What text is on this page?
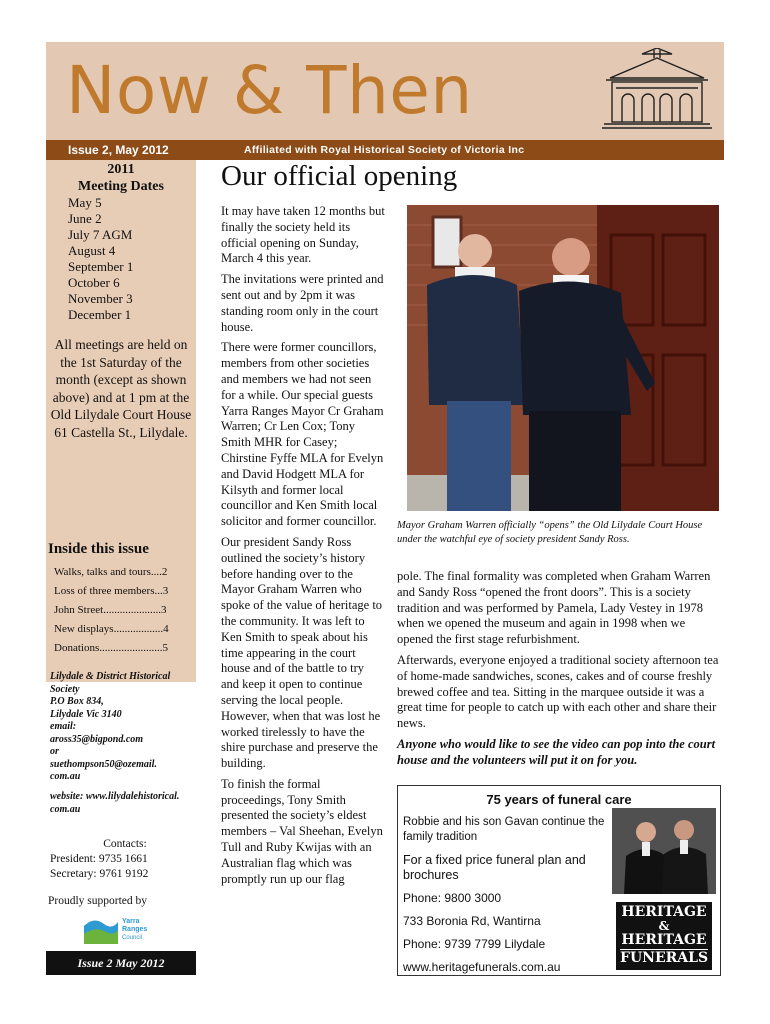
Now & Then
Issue 2, May 2012	Affiliated with Royal Historical Society of Victoria Inc
2011
Meeting Dates
May 5
June 2
July 7 AGM
August 4
September 1
October 6
November 3
December 1
All meetings are held on the 1st Saturday of the month (except as shown above) and at 1 pm at the Old Lilydale Court House 61 Castella St., Lilydale.
Inside this issue
Walks, talks and tours....2
Loss of three members...3
John Street.....................3
New displays..................4
Donations.......................5
Lilydale & District Historical Society
P.O Box 834,
Lilydale Vic 3140
email:
aross35@bigpond.com
or
suethompson50@ozemail.
com.au
website: www.lilydalehistorical.
com.au
Contacts:
President: 9735 1661
Secretary: 9761 9192
Proudly supported by
Yarra
Ranges
Council
Issue 2 May 2012
Our official opening

It may have taken 12 months but finally the society held its official opening on Sunday, March 4 this year.

The invitations were printed and sent out and by 2pm it was standing room only in the court house.

There were former councillors, members from other societies and members we had not seen for a while. Our special guests Yarra Ranges Mayor Cr Graham Warren; Cr Len Cox; Tony Smith MHR for Casey; Chirstine Fyffe MLA for Evelyn and David Hodgett MLA for Kilsyth and former local councillor and Ken Smith local solicitor and former councillor.

Our president Sandy Ross outlined the society’s history before handing over to the Mayor Graham Warren who spoke of the value of heritage to the community. It was left to Ken Smith to speak about his time appearing in the court house and of the battle to try and keep it open to continue serving the local people. However, when that was lost he worked tirelessly to have the shire purchase and preserve the building.

To finish the formal proceedings, Tony Smith presented the society’s eldest members – Val Sheehan, Evelyn Tull and Ruby Kwijas with an Australian flag which was promptly run up our flag

Mayor Graham Warren officially “opens” the Old Lilydale Court House under the watchful eye of society president Sandy Ross.

pole. The final formality was completed when Graham Warren and Sandy Ross “opened the front doors”. This is a society tradition and was performed by Pamela, Lady Vestey in 1978 when we opened the museum and again in 1998 when we opened the first stage refurbishment.

Afterwards, everyone enjoyed a traditional society afternoon tea of home-made sandwiches, scones, cakes and of course freshly brewed coffee and tea. Sitting in the marquee outside it was a great time for people to catch up with each other and share their news.

Anyone who would like to see the video can pop into the court house and the volunteers will put it on for you.

75 years of funeral care
Robbie and his son Gavan continue the family tradition
For a fixed price funeral plan and brochures
Phone: 9800 3000
733 Boronia Rd, Wantirna
Phone: 9739 7799 Lilydale
www.heritagefunerals.com.au
HERITAGE
&
HERITAGE
FUNERALS
